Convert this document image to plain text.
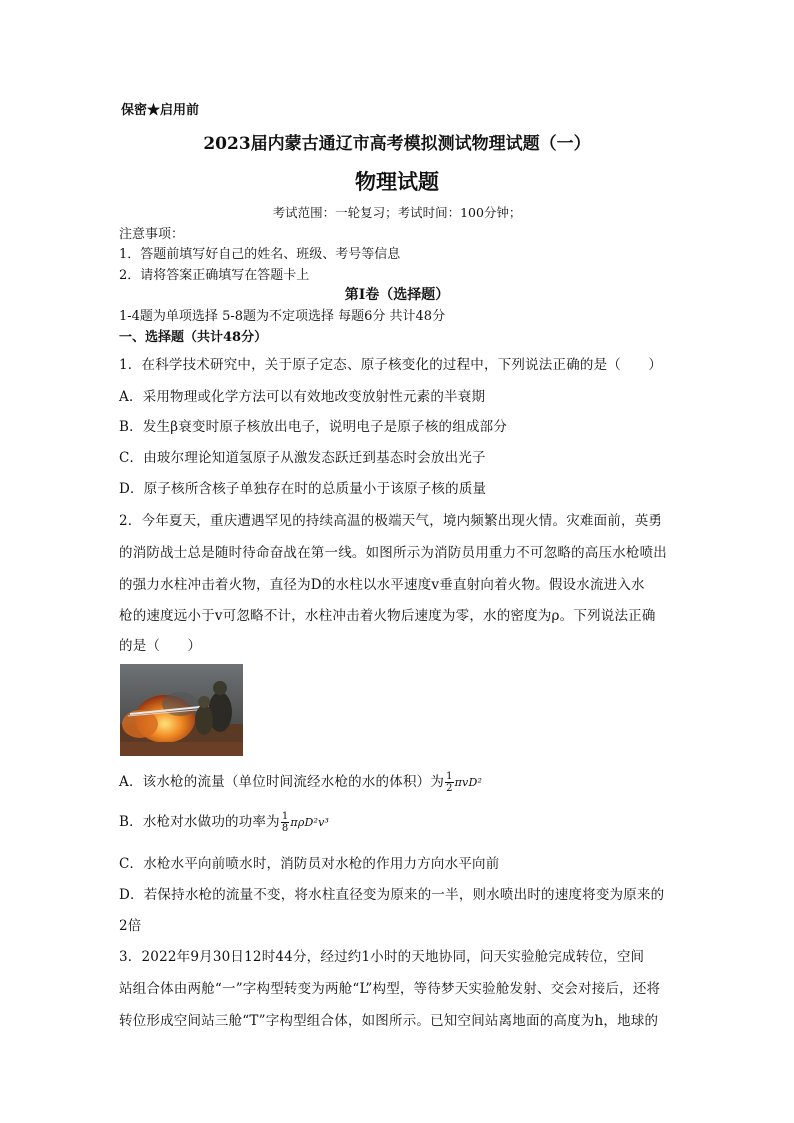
保密★启用前
2023届内蒙古通辽市高考模拟测试物理试题（一）
物理试题
考试范围：一轮复习；考试时间：100分钟；
注意事项：
1．答题前填写好自己的姓名、班级、考号等信息
2．请将答案正确填写在答题卡上
第I卷（选择题）
1-4题为单项选择 5-8题为不定项选择 每题6分 共计48分
一、选择题（共计48分）
1．在科学技术研究中，关于原子定态、原子核变化的过程中，下列说法正确的是（　　）
A．采用物理或化学方法可以有效地改变放射性元素的半衰期
B．发生β衰变时原子核放出电子，说明电子是原子核的组成部分
C．由玻尔理论知道氢原子从激发态跃迁到基态时会放出光子
D．原子核所含核子单独存在时的总质量小于该原子核的质量
2．今年夏天，重庆遭遇罕见的持续高温的极端天气，境内频繁出现火情。灾难面前，英勇
的消防战士总是随时待命奋战在第一线。如图所示为消防员用重力不可忽略的高压水枪喷出
的强力水柱冲击着火物，直径为D的水柱以水平速度v垂直射向着火物。假设水流进入水
枪的速度远小于v可忽略不计，水柱冲击着火物后速度为零，水的密度为ρ。下列说法正确
的是（　　）
A．该水枪的流量（单位时间流经水枪的水的体积）为 $\frac{1}{2} \pi vD^2$
B．水枪对水做功的功率为 $\frac{1}{8} \pi\rho D^2v^3$
C．水枪水平向前喷水时，消防员对水枪的作用力方向水平向前
D．若保持水枪的流量不变，将水柱直径变为原来的一半，则水喷出时的速度将变为原来的
2倍
3．2022年9月30日12时44分，经过约1小时的天地协同，问天实验舱完成转位，空间
站组合体由两舱“一”字构型转变为两舱“L”构型，等待梦天实验舱发射、交会对接后，还将
转位形成空间站三舱“T”字构型组合体，如图所示。已知空间站离地面的高度为h，地球的
